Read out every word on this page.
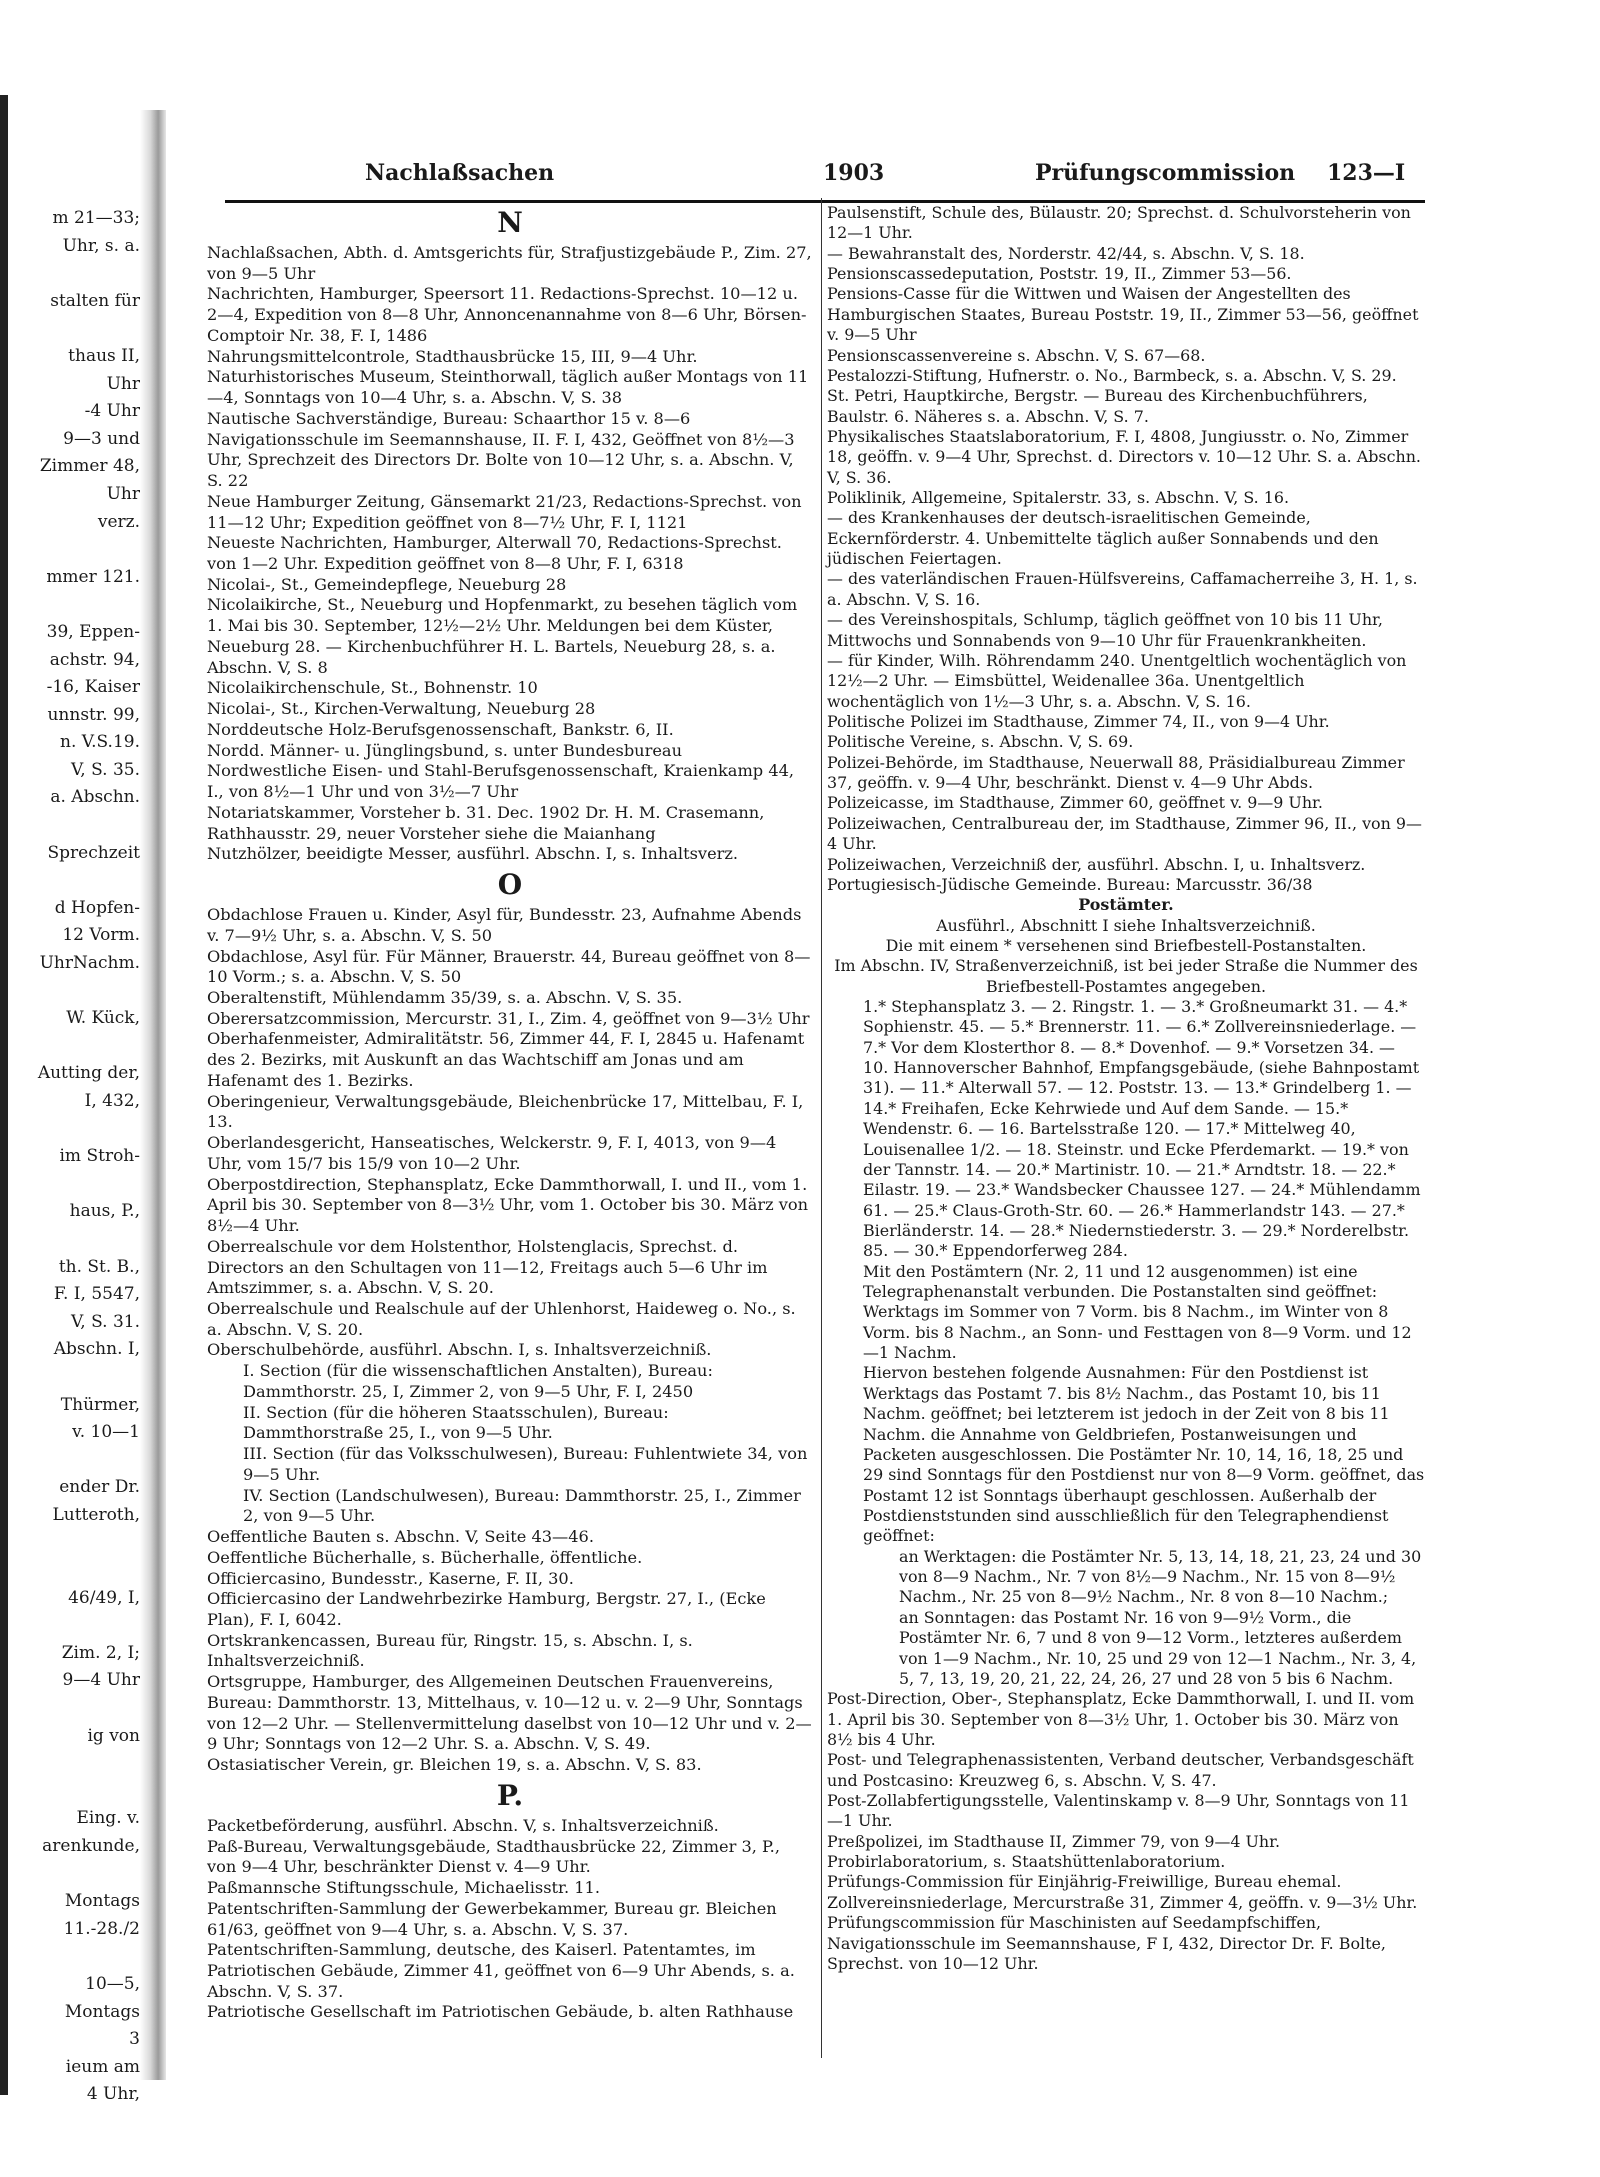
m 21—33;
Uhr, s. a.
stalten für
thaus II,
Uhr
-4 Uhr
9—3 und
Zimmer 48,
Uhr
verz.
mmer 121.
39, Eppen-
achstr. 94,
-16, Kaiser
unnstr. 99,
n. V.S.19.
V, S. 35.
a. Abschn.
Sprechzeit
d Hopfen-
12 Vorm.
UhrNachm.
W. Kück,
Autting der,
I, 432,
im Stroh-
haus, P.,
th. St. B.,
F. I, 5547,
V, S. 31.
Abschn. I,
Thürmer,
v. 10—1
ender Dr.
Lutteroth,
46/49, I,
Zim. 2, I;
9—4 Uhr
ig von
Eing. v.
arenkunde,
Montags
11.-28./2
10—5,
Montags
3
ieum am
4 Uhr,
Nachlaßsachen	1903	Prüfungscommission 123—I
N
Nachlaßsachen, Abth. d. Amtsgerichts für, Strafjustizgebäude P., Zim. 27, von 9—5 Uhr
Nachrichten, Hamburger, Speersort 11. Redactions-Sprechst. 10—12 u. 2—4, Expedition von 8—8 Uhr, Annoncenannahme von 8—6 Uhr, Börsen-Comptoir Nr. 38, F. I, 1486
Nahrungsmittelcontrole, Stadthausbrücke 15, III, 9—4 Uhr.
Naturhistorisches Museum, Steinthorwall, täglich außer Montags von 11—4, Sonntags von 10—4 Uhr, s. a. Abschn. V, S. 38
Nautische Sachverständige, Bureau: Schaarthor 15 v. 8—6
Navigationsschule im Seemannshause, II. F. I, 432, Geöffnet von 8½—3 Uhr, Sprechzeit des Directors Dr. Bolte von 10—12 Uhr, s. a. Abschn. V, S. 22
Neue Hamburger Zeitung, Gänsemarkt 21/23, Redactions-Sprechst. von 11—12 Uhr; Expedition geöffnet von 8—7½ Uhr, F. I, 1121
Neueste Nachrichten, Hamburger, Alterwall 70, Redactions-Sprechst. von 1—2 Uhr. Expedition geöffnet von 8—8 Uhr, F. I, 6318
Nicolai-, St., Gemeindepflege, Neueburg 28
Nicolaikirche, St., Neueburg und Hopfenmarkt, zu besehen täglich vom 1. Mai bis 30. September, 12½—2½ Uhr. Meldungen bei dem Küster, Neueburg 28. — Kirchenbuchführer H. L. Bartels, Neueburg 28, s. a. Abschn. V, S. 8
Nicolaikirchenschule, St., Bohnenstr. 10
Nicolai-, St., Kirchen-Verwaltung, Neueburg 28
Norddeutsche Holz-Berufsgenossenschaft, Bankstr. 6, II.
Nordd. Männer- u. Jünglingsbund, s. unter Bundesbureau
Nordwestliche Eisen- und Stahl-Berufsgenossenschaft, Kraienkamp 44, I., von 8½—1 Uhr und von 3½—7 Uhr
Notariatskammer, Vorsteher b. 31. Dec. 1902 Dr. H. M. Crasemann, Rathhausstr. 29, neuer Vorsteher siehe die Maianhang
Nutzhölzer, beeidigte Messer, ausführl. Abschn. I, s. Inhaltsverz.
O
Obdachlose Frauen u. Kinder, Asyl für, Bundesstr. 23, Aufnahme Abends v. 7—9½ Uhr, s. a. Abschn. V, S. 50
Obdachlose, Asyl für. Für Männer, Brauerstr. 44, Bureau geöffnet von 8—10 Vorm.; s. a. Abschn. V, S. 50
Oberaltenstift, Mühlendamm 35/39, s. a. Abschn. V, S. 35.
Oberersatzcommission, Mercurstr. 31, I., Zim. 4, geöffnet von 9—3½ Uhr
Oberhafenmeister, Admiralitätstr. 56, Zimmer 44, F. I, 2845 u. Hafenamt des 2. Bezirks, mit Auskunft an das Wachtschiff am Jonas und am Hafenamt des 1. Bezirks.
Oberingenieur, Verwaltungsgebäude, Bleichenbrücke 17, Mittelbau, F. I, 13.
Oberlandesgericht, Hanseatisches, Welckerstr. 9, F. I, 4013, von 9—4 Uhr, vom 15/7 bis 15/9 von 10—2 Uhr.
Oberpostdirection, Stephansplatz, Ecke Dammthorwall, I. und II., vom 1. April bis 30. September von 8—3½ Uhr, vom 1. October bis 30. März von 8½—4 Uhr.
Oberrealschule vor dem Holstenthor, Holstenglacis, Sprechst. d. Directors an den Schultagen von 11—12, Freitags auch 5—6 Uhr im Amtszimmer, s. a. Abschn. V, S. 20.
Oberrealschule und Realschule auf der Uhlenhorst, Haideweg o. No., s. a. Abschn. V, S. 20.
Oberschulbehörde, ausführl. Abschn. I, s. Inhaltsverzeichniß.
I. Section (für die wissenschaftlichen Anstalten), Bureau: Dammthorstr. 25, I, Zimmer 2, von 9—5 Uhr, F. I, 2450
II. Section (für die höheren Staatsschulen), Bureau: Dammthorstraße 25, I., von 9—5 Uhr.
III. Section (für das Volksschulwesen), Bureau: Fuhlentwiete 34, von 9—5 Uhr.
IV. Section (Landschulwesen), Bureau: Dammthorstr. 25, I., Zimmer 2, von 9—5 Uhr.
Oeffentliche Bauten s. Abschn. V, Seite 43—46.
Oeffentliche Bücherhalle, s. Bücherhalle, öffentliche.
Officiercasino, Bundesstr., Kaserne, F. II, 30.
Officiercasino der Landwehrbezirke Hamburg, Bergstr. 27, I., (Ecke Plan), F. I, 6042.
Ortskrankencassen, Bureau für, Ringstr. 15, s. Abschn. I, s. Inhaltsverzeichniß.
Ortsgruppe, Hamburger, des Allgemeinen Deutschen Frauenvereins, Bureau: Dammthorstr. 13, Mittelhaus, v. 10—12 u. v. 2—9 Uhr, Sonntags von 12—2 Uhr. — Stellenvermittelung daselbst von 10—12 Uhr und v. 2—9 Uhr; Sonntags von 12—2 Uhr. S. a. Abschn. V, S. 49.
Ostasiatischer Verein, gr. Bleichen 19, s. a. Abschn. V, S. 83.
P.
Packetbeförderung, ausführl. Abschn. V, s. Inhaltsverzeichniß.
Paß-Bureau, Verwaltungsgebäude, Stadthausbrücke 22, Zimmer 3, P., von 9—4 Uhr, beschränkter Dienst v. 4—9 Uhr.
Paßmannsche Stiftungsschule, Michaelisstr. 11.
Patentschriften-Sammlung der Gewerbekammer, Bureau gr. Bleichen 61/63, geöffnet von 9—4 Uhr, s. a. Abschn. V, S. 37.
Patentschriften-Sammlung, deutsche, des Kaiserl. Patentamtes, im Patriotischen Gebäude, Zimmer 41, geöffnet von 6—9 Uhr Abends, s. a. Abschn. V, S. 37.
Patriotische Gesellschaft im Patriotischen Gebäude, b. alten Rathhause
Paulsenstift, Schule des, Bülaustr. 20; Sprechst. d. Schulvorsteherin von 12—1 Uhr.
— Bewahranstalt des, Norderstr. 42/44, s. Abschn. V, S. 18.
Pensionscassedeputation, Poststr. 19, II., Zimmer 53—56.
Pensions-Casse für die Wittwen und Waisen der Angestellten des Hamburgischen Staates, Bureau Poststr. 19, II., Zimmer 53—56, geöffnet v. 9—5 Uhr
Pensionscassenvereine s. Abschn. V, S. 67—68.
Pestalozzi-Stiftung, Hufnerstr. o. No., Barmbeck, s. a. Abschn. V, S. 29.
St. Petri, Hauptkirche, Bergstr. — Bureau des Kirchenbuchführers, Baulstr. 6. Näheres s. a. Abschn. V, S. 7.
Physikalisches Staatslaboratorium, F. I, 4808, Jungiusstr. o. No, Zimmer 18, geöffn. v. 9—4 Uhr, Sprechst. d. Directors v. 10—12 Uhr. S. a. Abschn. V, S. 36.
Poliklinik, Allgemeine, Spitalerstr. 33, s. Abschn. V, S. 16.
— des Krankenhauses der deutsch-israelitischen Gemeinde, Eckernförderstr. 4. Unbemittelte täglich außer Sonnabends und den jüdischen Feiertagen.
— des vaterländischen Frauen-Hülfsvereins, Caffamacherreihe 3, H. 1, s. a. Abschn. V, S. 16.
— des Vereinshospitals, Schlump, täglich geöffnet von 10 bis 11 Uhr, Mittwochs und Sonnabends von 9—10 Uhr für Frauenkrankheiten.
— für Kinder, Wilh. Röhrendamm 240. Unentgeltlich wochentäglich von 12½—2 Uhr. — Eimsbüttel, Weidenallee 36a. Unentgeltlich wochentäglich von 1½—3 Uhr, s. a. Abschn. V, S. 16.
Politische Polizei im Stadthause, Zimmer 74, II., von 9—4 Uhr.
Politische Vereine, s. Abschn. V, S. 69.
Polizei-Behörde, im Stadthause, Neuerwall 88, Präsidialbureau Zimmer 37, geöffn. v. 9—4 Uhr, beschränkt. Dienst v. 4—9 Uhr Abds.
Polizeicasse, im Stadthause, Zimmer 60, geöffnet v. 9—9 Uhr.
Polizeiwachen, Centralbureau der, im Stadthause, Zimmer 96, II., von 9—4 Uhr.
Polizeiwachen, Verzeichniß der, ausführl. Abschn. I, u. Inhaltsverz.
Portugiesisch-Jüdische Gemeinde. Bureau: Marcusstr. 36/38
Postämter.
Ausführl., Abschnitt I siehe Inhaltsverzeichniß.
Die mit einem * versehenen sind Briefbestell-Postanstalten.
Im Abschn. IV, Straßenverzeichniß, ist bei jeder Straße die Nummer des Briefbestell-Postamtes angegeben.
1.* Stephansplatz 3. — 2. Ringstr. 1. — 3.* Großneumarkt 31. — 4.* Sophienstr. 45. — 5.* Brennerstr. 11. — 6.* Zollvereinsniederlage. — 7.* Vor dem Klosterthor 8. — 8.* Dovenhof. — 9.* Vorsetzen 34. — 10. Hannoverscher Bahnhof, Empfangsgebäude, (siehe Bahnpostamt 31). — 11.* Alterwall 57. — 12. Poststr. 13. — 13.* Grindelberg 1. — 14.* Freihafen, Ecke Kehrwiede und Auf dem Sande. — 15.* Wendenstr. 6. — 16. Bartelsstraße 120. — 17.* Mittelweg 40, Louisenallee 1/2. — 18. Steinstr. und Ecke Pferdemarkt. — 19.* von der Tannstr. 14. — 20.* Martinistr. 10. — 21.* Arndtstr. 18. — 22.* Eilastr. 19. — 23.* Wandsbecker Chaussee 127. — 24.* Mühlendamm 61. — 25.* Claus-Groth-Str. 60. — 26.* Hammerlandstr 143. — 27.* Bierländerstr. 14. — 28.* Niedernstiederstr. 3. — 29.* Norderelbstr. 85. — 30.* Eppendorferweg 284.
Mit den Postämtern (Nr. 2, 11 und 12 ausgenommen) ist eine Telegraphenanstalt verbunden. Die Postanstalten sind geöffnet: Werktags im Sommer von 7 Vorm. bis 8 Nachm., im Winter von 8 Vorm. bis 8 Nachm., an Sonn- und Festtagen von 8—9 Vorm. und 12—1 Nachm.
Hiervon bestehen folgende Ausnahmen: Für den Postdienst ist Werktags das Postamt 7. bis 8½ Nachm., das Postamt 10, bis 11 Nachm. geöffnet; bei letzterem ist jedoch in der Zeit von 8 bis 11 Nachm. die Annahme von Geldbriefen, Postanweisungen und Packeten ausgeschlossen. Die Postämter Nr. 10, 14, 16, 18, 25 und 29 sind Sonntags für den Postdienst nur von 8—9 Vorm. geöffnet, das Postamt 12 ist Sonntags überhaupt geschlossen. Außerhalb der Postdienststunden sind ausschließlich für den Telegraphendienst geöffnet:
an Werktagen: die Postämter Nr. 5, 13, 14, 18, 21, 23, 24 und 30 von 8—9 Nachm., Nr. 7 von 8½—9 Nachm., Nr. 15 von 8—9½ Nachm., Nr. 25 von 8—9½ Nachm., Nr. 8 von 8—10 Nachm.;
an Sonntagen: das Postamt Nr. 16 von 9—9½ Vorm., die Postämter Nr. 6, 7 und 8 von 9—12 Vorm., letzteres außerdem von 1—9 Nachm., Nr. 10, 25 und 29 von 12—1 Nachm., Nr. 3, 4, 5, 7, 13, 19, 20, 21, 22, 24, 26, 27 und 28 von 5 bis 6 Nachm.
Post-Direction, Ober-, Stephansplatz, Ecke Dammthorwall, I. und II. vom 1. April bis 30. September von 8—3½ Uhr, 1. October bis 30. März von 8½ bis 4 Uhr.
Post- und Telegraphenassistenten, Verband deutscher, Verbandsgeschäft und Postcasino: Kreuzweg 6, s. Abschn. V, S. 47.
Post-Zollabfertigungsstelle, Valentinskamp v. 8—9 Uhr, Sonntags von 11—1 Uhr.
Preßpolizei, im Stadthause II, Zimmer 79, von 9—4 Uhr.
Probirlaboratorium, s. Staatshüttenlaboratorium.
Prüfungs-Commission für Einjährig-Freiwillige, Bureau ehemal. Zollvereinsniederlage, Mercurstraße 31, Zimmer 4, geöffn. v. 9—3½ Uhr.
Prüfungscommission für Maschinisten auf Seedampfschiffen, Navigationsschule im Seemannshause, F I, 432, Director Dr. F. Bolte, Sprechst. von 10—12 Uhr.
